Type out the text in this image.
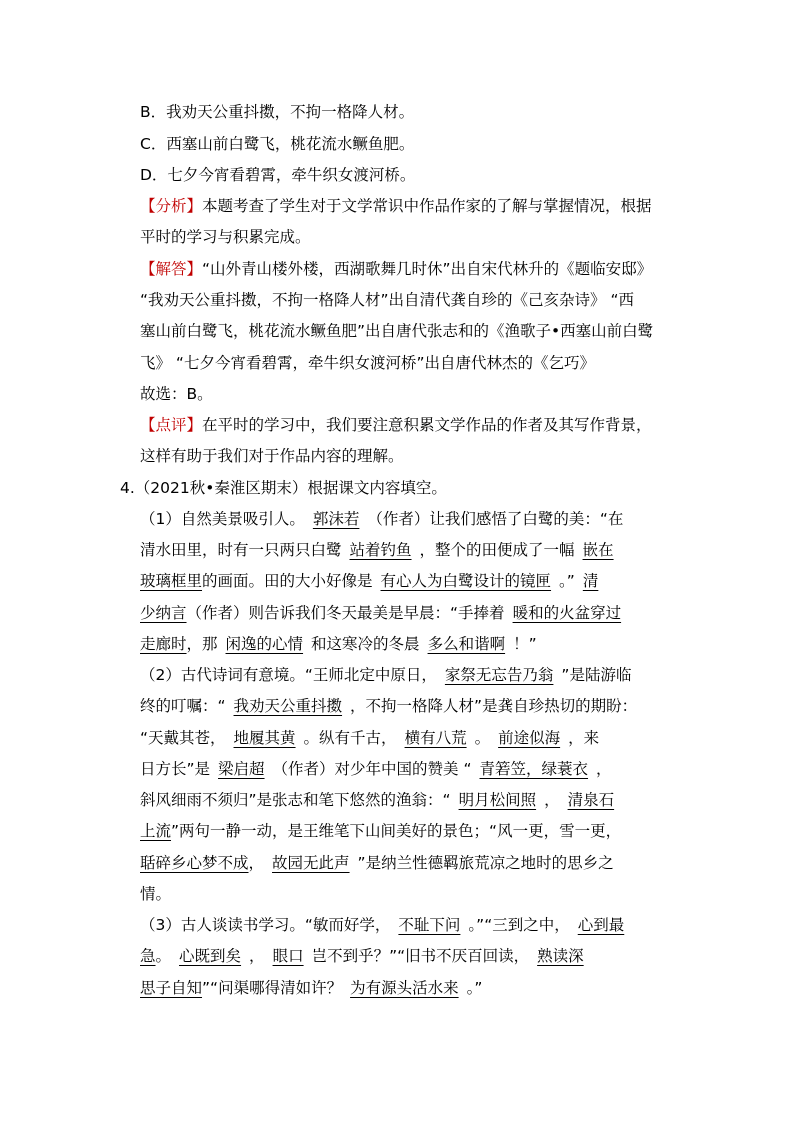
B．我劝天公重抖擞，不拘一格降人材。
C．西塞山前白鹭飞，桃花流水鳜鱼肥。
D．七夕今宵看碧霄，牵牛织女渡河桥。
【分析】本题考查了学生对于文学常识中作品作家的了解与掌握情况，根据
平时的学习与积累完成。
【解答】“山外青山楼外楼，西湖歌舞几时休”出自宋代林升的《题临安邸》
“我劝天公重抖擞，不拘一格降人材”出自清代龚自珍的《己亥杂诗》 “西
塞山前白鹭飞，桃花流水鳜鱼肥”出自唐代张志和的《渔歌子•西塞山前白鹭
飞》 “七夕今宵看碧霄，牵牛织女渡河桥”出自唐代林杰的《乞巧》
故选：B。
【点评】在平时的学习中，我们要注意积累文学作品的作者及其写作背景，
这样有助于我们对于作品内容的理解。
4.（2021秋•秦淮区期末）根据课文内容填空。
（1）自然美景吸引人。 郭沫若 （作者）让我们感悟了白鹭的美：“在
清水田里，时有一只两只白鹭 站着钓鱼 ，整个的田便成了一幅 嵌在
玻璃框里的画面。田的大小好像是 有心人为白鹭设计的镜匣 。” 清
少纳言（作者）则告诉我们冬天最美是早晨：“手捧着 暖和的火盆穿过
走廊时，那 闲逸的心情 和这寒冷的冬晨 多么和谐啊 ！”
（2）古代诗词有意境。“王师北定中原日， 家祭无忘告乃翁 ”是陆游临
终的叮嘱：“ 我劝天公重抖擞 ，不拘一格降人材”是龚自珍热切的期盼：
“天戴其苍， 地履其黄 。纵有千古， 横有八荒 。 前途似海 ，来
日方长”是 梁启超 （作者）对少年中国的赞美 “ 青箬笠，绿蓑衣 ，
斜风细雨不须归”是张志和笔下悠然的渔翁：“ 明月松间照 ， 清泉石
上流”两句一静一动，是王维笔下山间美好的景色；“风一更，雪一更，
聒碎乡心梦不成， 故园无此声 ”是纳兰性德羁旅荒凉之地时的思乡之
情。
（3）古人谈读书学习。“敏而好学， 不耻下问 。”“三到之中， 心到最
急。 心既到矣 ， 眼口 岂不到乎？”“旧书不厌百回读， 熟读深
思子自知”“问渠哪得清如许？ 为有源头活水来 。”
